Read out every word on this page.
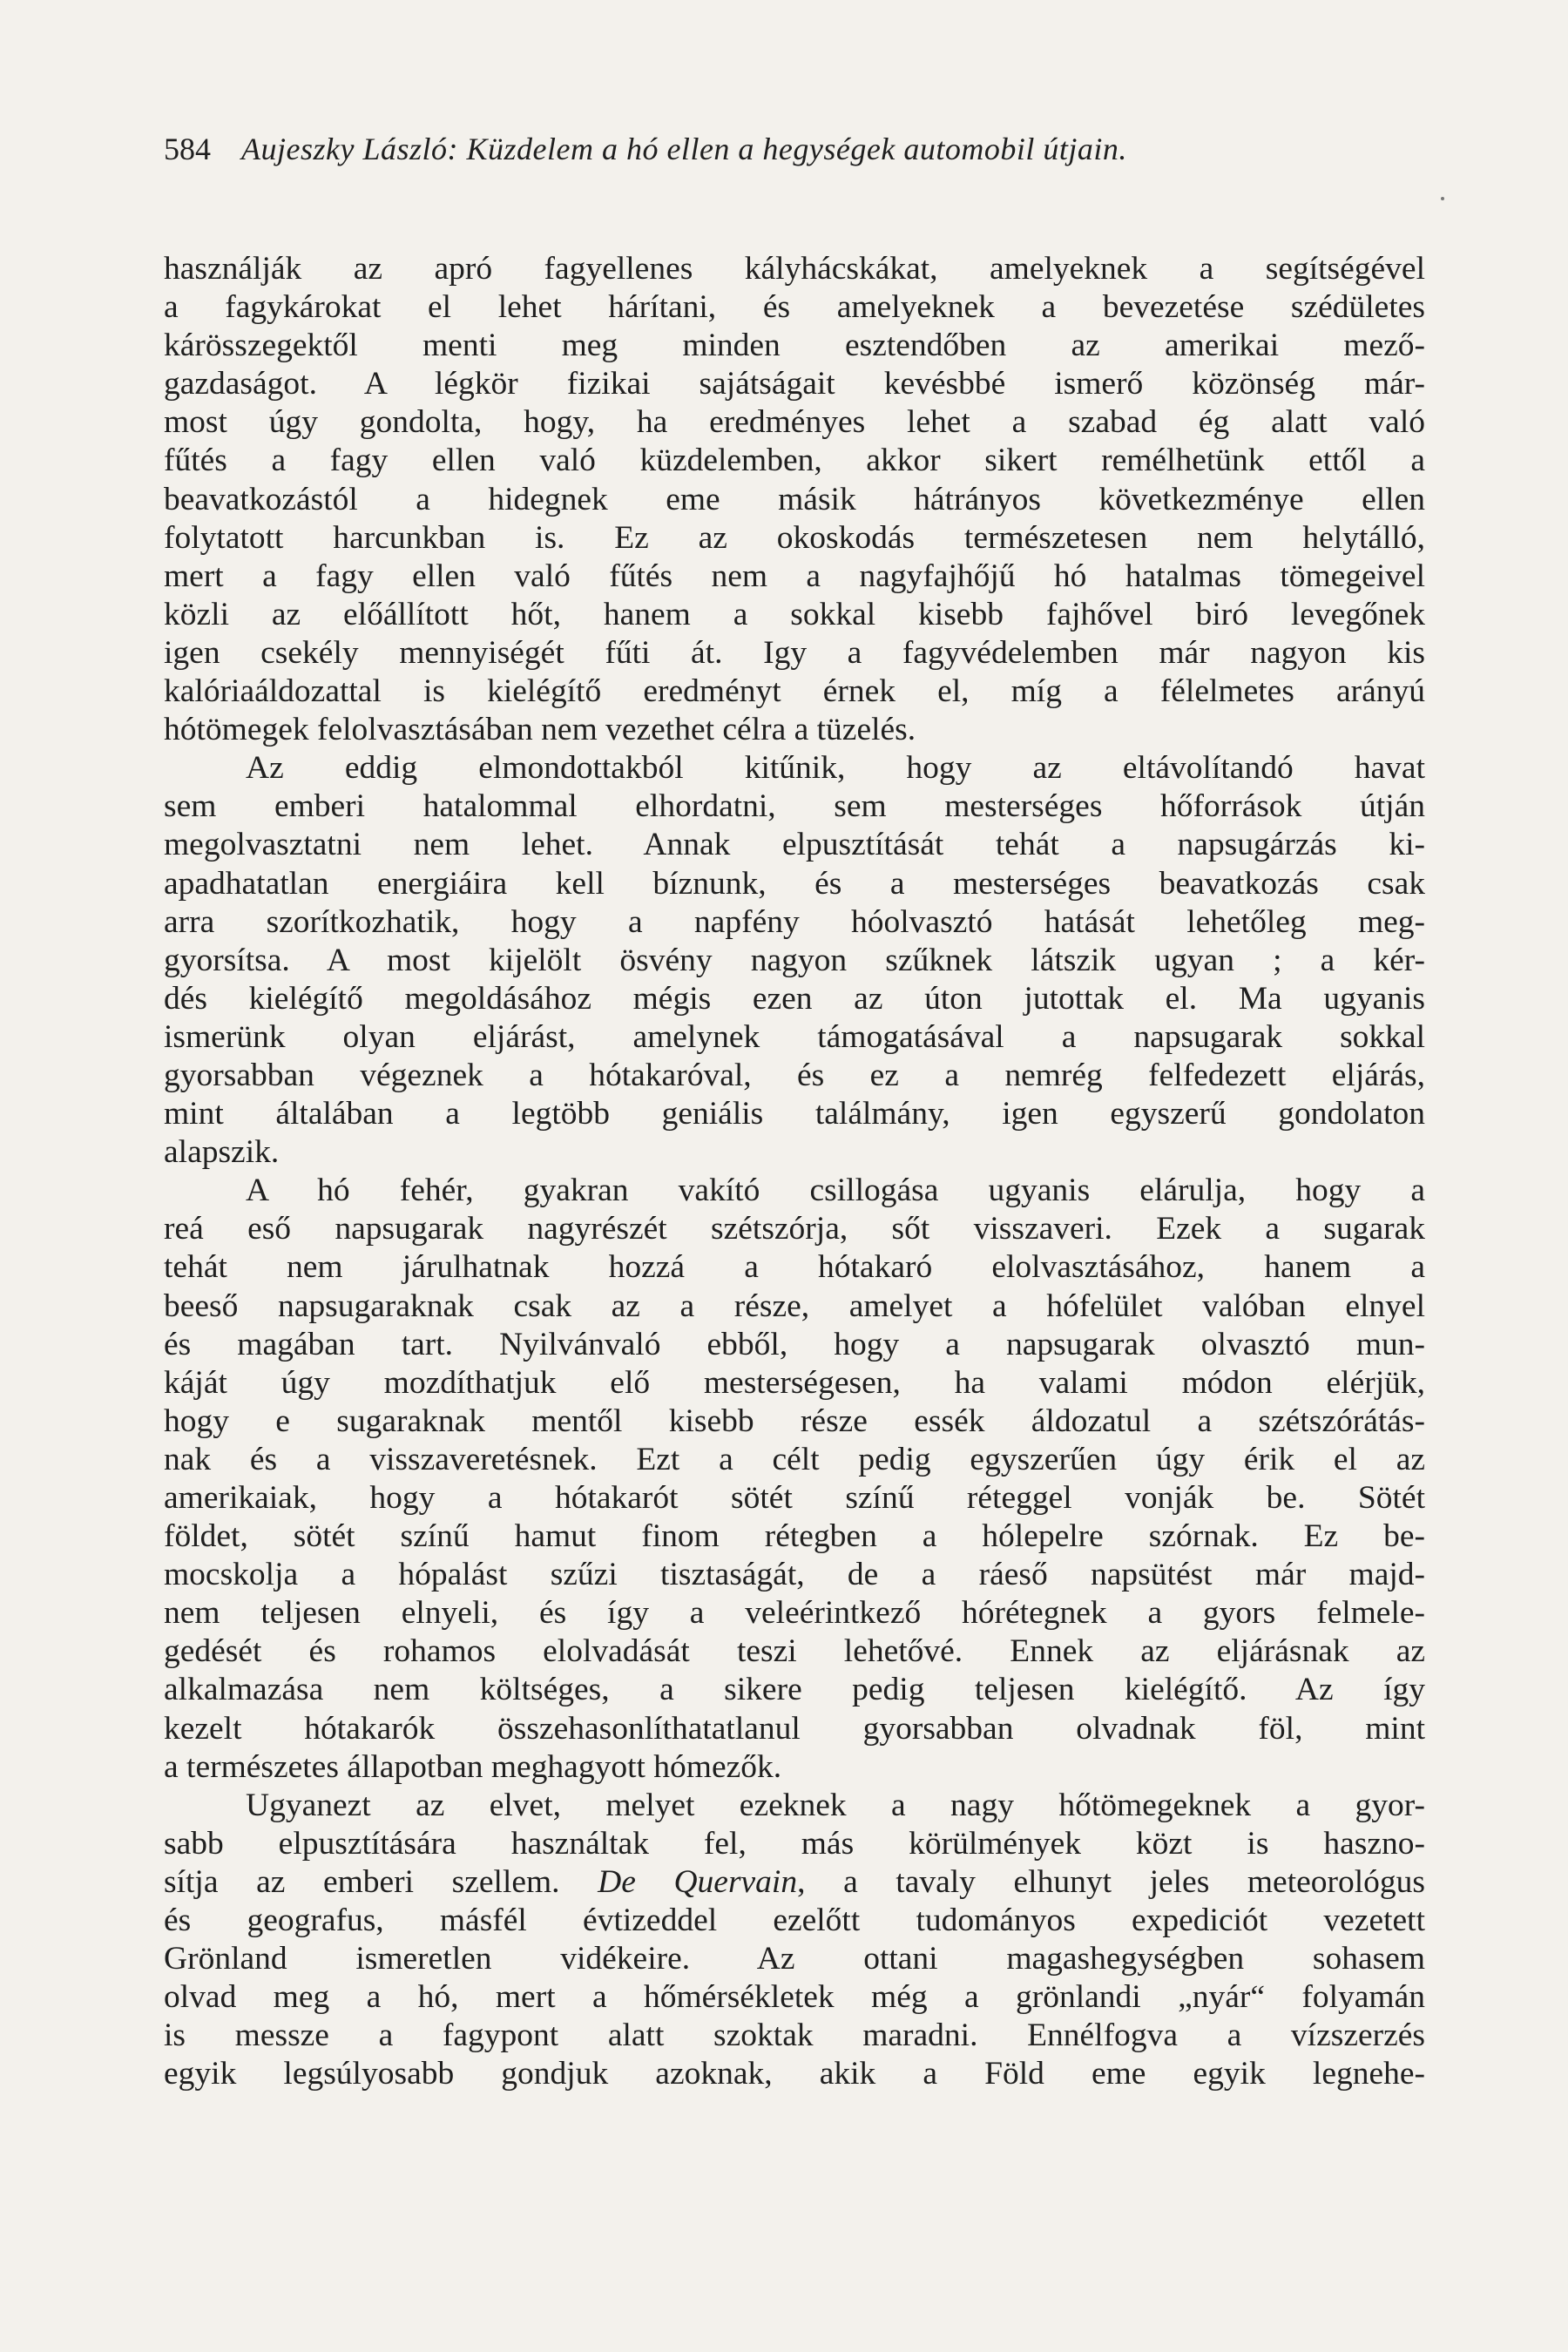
584 Aujeszky László: Küzdelem a hó ellen a hegységek automobil útjain.
használják az apró fagyellenes kályhácskákat, amelyeknek a segítségével
a fagykárokat el lehet hárítani, és amelyeknek a bevezetése szédületes
kárösszegektől menti meg minden esztendőben az amerikai mező-
gazdaságot. A légkör fizikai sajátságait kevésbbé ismerő közönség már-
most úgy gondolta, hogy, ha eredményes lehet a szabad ég alatt való
fűtés a fagy ellen való küzdelemben, akkor sikert remélhetünk ettől a
beavatkozástól a hidegnek eme másik hátrányos következménye ellen
folytatott harcunkban is. Ez az okoskodás természetesen nem helytálló,
mert a fagy ellen való fűtés nem a nagyfajhőjű hó hatalmas tömegeivel
közli az előállított hőt, hanem a sokkal kisebb fajhővel biró levegőnek
igen csekély mennyiségét fűti át. Igy a fagyvédelemben már nagyon kis
kalóriaáldozattal is kielégítő eredményt érnek el, míg a félelmetes arányú
hótömegek felolvasztásában nem vezethet célra a tüzelés.
Az eddig elmondottakból kitűnik, hogy az eltávolítandó havat
sem emberi hatalommal elhordatni, sem mesterséges hőforrások útján
megolvasztatni nem lehet. Annak elpusztítását tehát a napsugárzás ki-
apadhatatlan energiáira kell bíznunk, és a mesterséges beavatkozás csak
arra szorítkozhatik, hogy a napfény hóolvasztó hatását lehetőleg meg-
gyorsítsa. A most kijelölt ösvény nagyon szűknek látszik ugyan ; a kér-
dés kielégítő megoldásához mégis ezen az úton jutottak el. Ma ugyanis
ismerünk olyan eljárást, amelynek támogatásával a napsugarak sokkal
gyorsabban végeznek a hótakaróval, és ez a nemrég felfedezett eljárás,
mint általában a legtöbb geniális találmány, igen egyszerű gondolaton
alapszik.
A hó fehér, gyakran vakító csillogása ugyanis elárulja, hogy a
reá eső napsugarak nagyrészét szétszórja, sőt visszaveri. Ezek a sugarak
tehát nem járulhatnak hozzá a hótakaró elolvasztásához, hanem a
beeső napsugaraknak csak az a része, amelyet a hófelület valóban elnyel
és magában tart. Nyilvánvaló ebből, hogy a napsugarak olvasztó mun-
káját úgy mozdíthatjuk elő mesterségesen, ha valami módon elérjük,
hogy e sugaraknak mentől kisebb része essék áldozatul a szétszórátás-
nak és a visszaveretésnek. Ezt a célt pedig egyszerűen úgy érik el az
amerikaiak, hogy a hótakarót sötét színű réteggel vonják be. Sötét
földet, sötét színű hamut finom rétegben a hólepelre szórnak. Ez be-
mocskolja a hópalást szűzi tisztaságát, de a ráeső napsütést már majd-
nem teljesen elnyeli, és így a veleérintkező hórétegnek a gyors felmele-
gedését és rohamos elolvadását teszi lehetővé. Ennek az eljárásnak az
alkalmazása nem költséges, a sikere pedig teljesen kielégítő. Az így
kezelt hótakarók összehasonlíthatatlanul gyorsabban olvadnak föl, mint
a természetes állapotban meghagyott hómezők.
Ugyanezt az elvet, melyet ezeknek a nagy hőtömegeknek a gyor-
sabb elpusztítására használtak fel, más körülmények közt is haszno-
sítja az emberi szellem. De Quervain, a tavaly elhunyt jeles meteorológus
és geografus, másfél évtizeddel ezelőtt tudományos expediciót vezetett
Grönland ismeretlen vidékeire. Az ottani magashegységben sohasem
olvad meg a hó, mert a hőmérsékletek még a grönlandi „nyár“ folyamán
is messze a fagypont alatt szoktak maradni. Ennélfogva a vízszerzés
egyik legsúlyosabb gondjuk azoknak, akik a Föld eme egyik legnehe-
